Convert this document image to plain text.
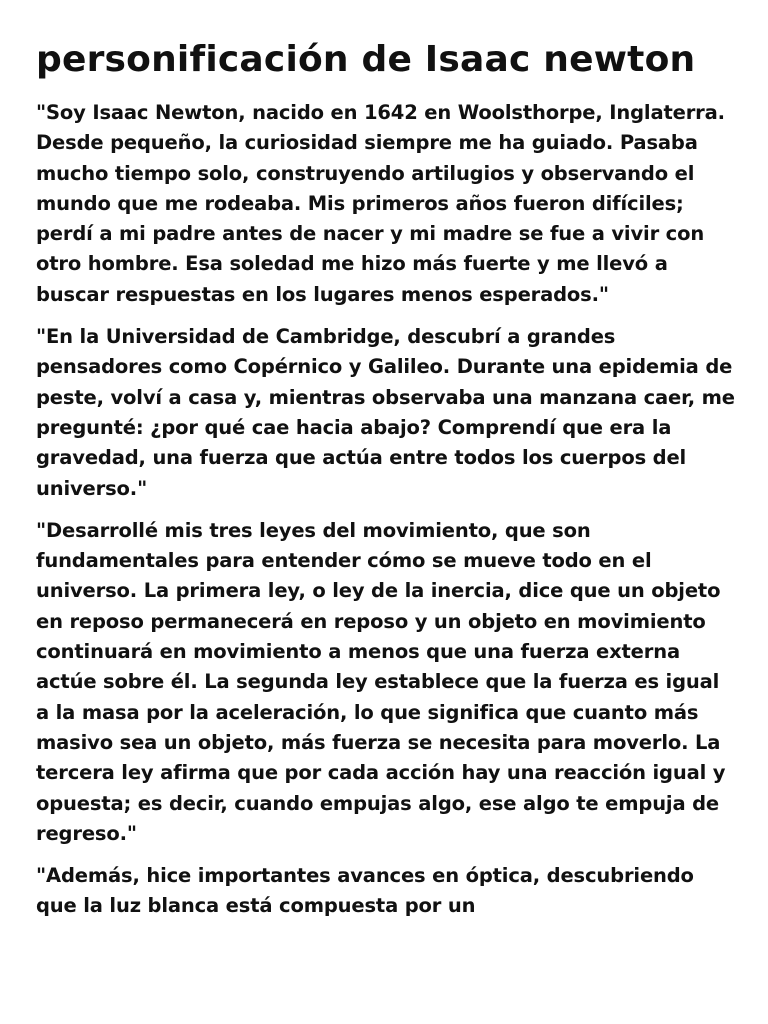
personificación de Isaac newton

"Soy Isaac Newton, nacido en 1642 en Woolsthorpe, Inglaterra. Desde pequeño, la curiosidad siempre me ha guiado. Pasaba mucho tiempo solo, construyendo artilugios y observando el mundo que me rodeaba. Mis primeros años fueron difíciles; perdí a mi padre antes de nacer y mi madre se fue a vivir con otro hombre. Esa soledad me hizo más fuerte y me llevó a buscar respuestas en los lugares menos esperados."

"En la Universidad de Cambridge, descubrí a grandes pensadores como Copérnico y Galileo. Durante una epidemia de peste, volví a casa y, mientras observaba una manzana caer, me pregunté: ¿por qué cae hacia abajo? Comprendí que era la gravedad, una fuerza que actúa entre todos los cuerpos del universo."

"Desarrollé mis tres leyes del movimiento, que son fundamentales para entender cómo se mueve todo en el universo. La primera ley, o ley de la inercia, dice que un objeto en reposo permanecerá en reposo y un objeto en movimiento continuará en movimiento a menos que una fuerza externa actúe sobre él. La segunda ley establece que la fuerza es igual a la masa por la aceleración, lo que significa que cuanto más masivo sea un objeto, más fuerza se necesita para moverlo. La tercera ley afirma que por cada acción hay una reacción igual y opuesta; es decir, cuando empujas algo, ese algo te empuja de regreso."

"Además, hice importantes avances en óptica, descubriendo que la luz blanca está compuesta por un
